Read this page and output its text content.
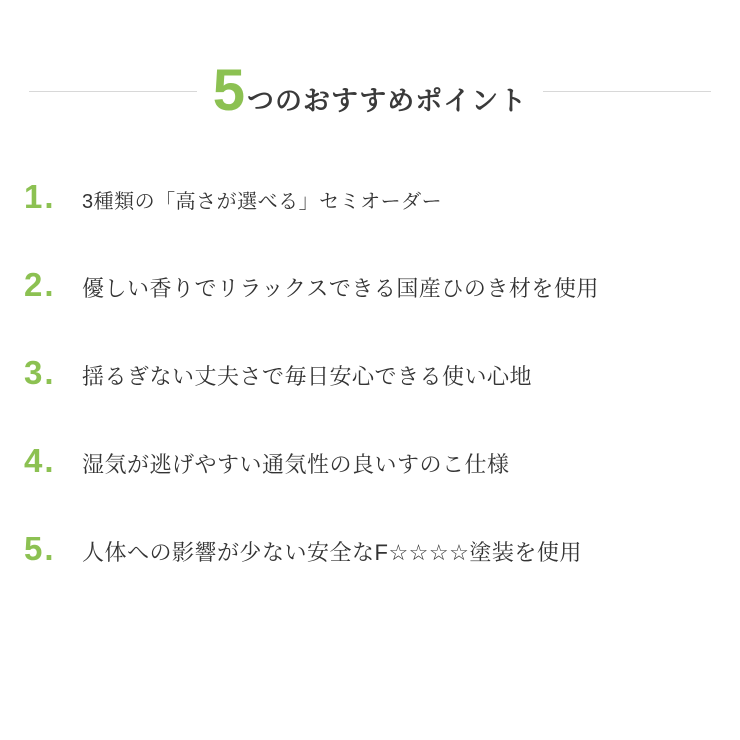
5 つのおすすめポイント
1.	3種類の「高さが選べる」セミオーダー
2.	優しい香りでリラックスできる国産ひのき材を使用
3.	揺るぎない丈夫さで毎日安心できる使い心地
4.	湿気が逃げやすい通気性の良いすのこ仕様
5.	人体への影響が少ない安全なF☆☆☆☆塗装を使用
